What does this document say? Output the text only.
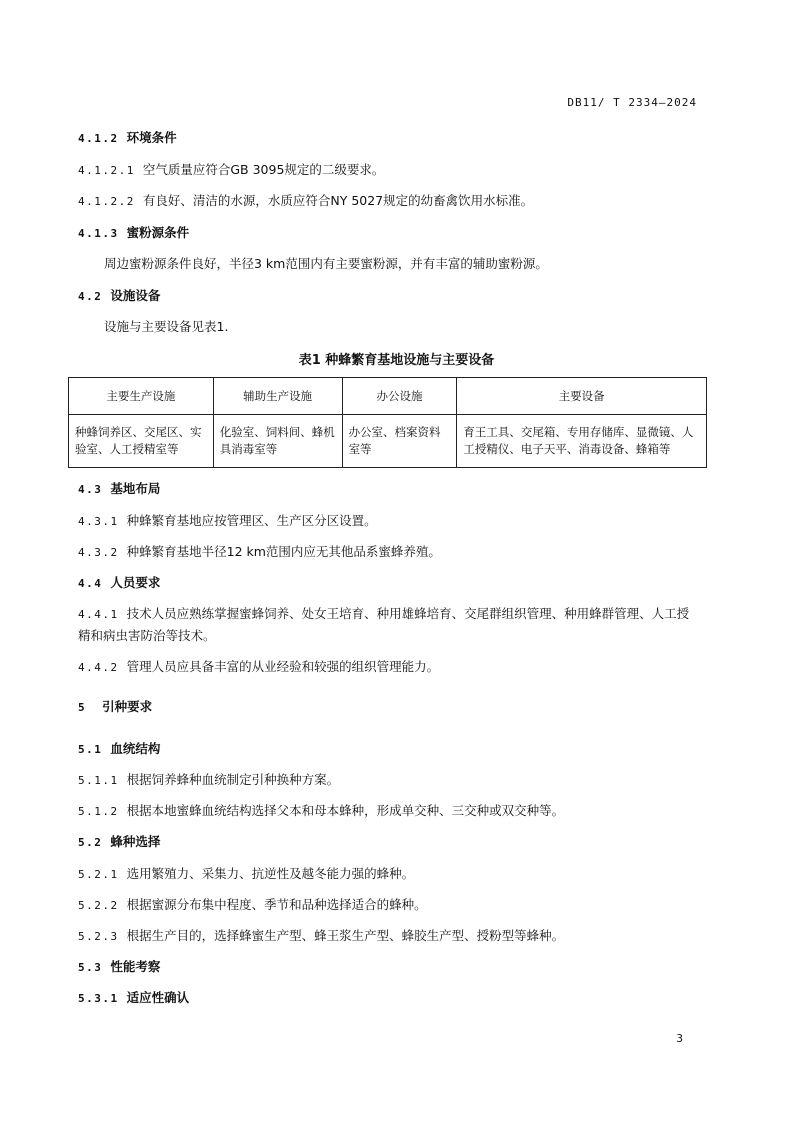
DB11/ T 2334—2024
4.1.2 环境条件
4.1.2.1 空气质量应符合GB 3095规定的二级要求。
4.1.2.2 有良好、清洁的水源，水质应符合NY 5027规定的幼畜禽饮用水标准。
4.1.3 蜜粉源条件
周边蜜粉源条件良好，半径3 km范围内有主要蜜粉源，并有丰富的辅助蜜粉源。
4.2 设施设备
设施与主要设备见表1.
表1 种蜂繁育基地设施与主要设备
主要生产设施	辅助生产设施	办公设施	主要设备
种蜂饲养区、交尾区、实验室、人工授精室等	化验室、饲料间、蜂机具消毒室等	办公室、档案资料室等	育王工具、交尾箱、专用存储库、显微镜、人工授精仪、电子天平、消毒设备、蜂箱等
4.3 基地布局
4.3.1 种蜂繁育基地应按管理区、生产区分区设置。
4.3.2 种蜂繁育基地半径12 km范围内应无其他品系蜜蜂养殖。
4.4 人员要求
4.4.1 技术人员应熟练掌握蜜蜂饲养、处女王培育、种用雄蜂培育、交尾群组织管理、种用蜂群管理、人工授精和病虫害防治等技术。
4.4.2 管理人员应具备丰富的从业经验和较强的组织管理能力。
5 引种要求
5.1 血统结构
5.1.1 根据饲养蜂种血统制定引种换种方案。
5.1.2 根据本地蜜蜂血统结构选择父本和母本蜂种，形成单交种、三交种或双交种等。
5.2 蜂种选择
5.2.1 选用繁殖力、采集力、抗逆性及越冬能力强的蜂种。
5.2.2 根据蜜源分布集中程度、季节和品种选择适合的蜂种。
5.2.3 根据生产目的，选择蜂蜜生产型、蜂王浆生产型、蜂胶生产型、授粉型等蜂种。
5.3 性能考察
5.3.1 适应性确认
3
